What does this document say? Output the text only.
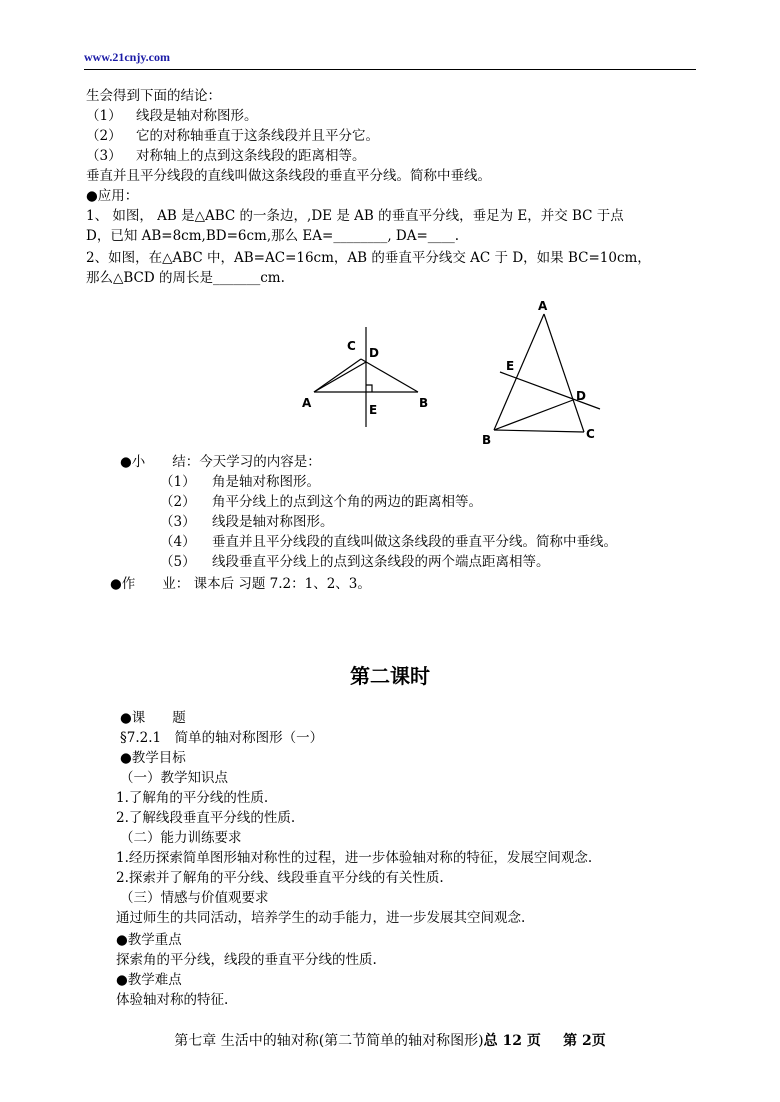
www.21cnjy.com
生会得到下面的结论：
（1） 线段是轴对称图形。
（2） 它的对称轴垂直于这条线段并且平分它。
（3） 对称轴上的点到这条线段的距离相等。
垂直并且平分线段的直线叫做这条线段的垂直平分线。简称中垂线。
●应用：
1、 如图， AB 是△ABC 的一条边，,DE 是 AB 的垂直平分线，垂足为 E，并交 BC 于点
D，已知 AB=8cm,BD=6cm,那么 EA=________, DA=____.
2、如图，在△ABC 中，AB=AC=16cm，AB 的垂直平分线交 AC 于 D，如果 BC=10cm，
那么△BCD 的周长是_______cm.
A	B
C D
E
A
B	C
D
E
●小　　结：今天学习的内容是：
（1） 角是轴对称图形。
（2） 角平分线上的点到这个角的两边的距离相等。
（3） 线段是轴对称图形。
（4） 垂直并且平分线段的直线叫做这条线段的垂直平分线。简称中垂线。
（5） 线段垂直平分线上的点到这条线段的两个端点距离相等。
●作　　业： 课本后 习题 7.2：1、2、3。
第二课时
●课　　题
§7.2.1　简单的轴对称图形（一）
●教学目标
（一）教学知识点
1.了解角的平分线的性质.
2.了解线段垂直平分线的性质.
（二）能力训练要求
1.经历探索简单图形轴对称性的过程，进一步体验轴对称的特征，发展空间观念.
2.探索并了解角的平分线、线段垂直平分线的有关性质.
（三）情感与价值观要求
通过师生的共同活动，培养学生的动手能力，进一步发展其空间观念.
●教学重点
探索角的平分线，线段的垂直平分线的性质.
●教学难点
体验轴对称的特征.
第七章 生活中的轴对称(第二节简单的轴对称图形)总 12 页 第 2页
